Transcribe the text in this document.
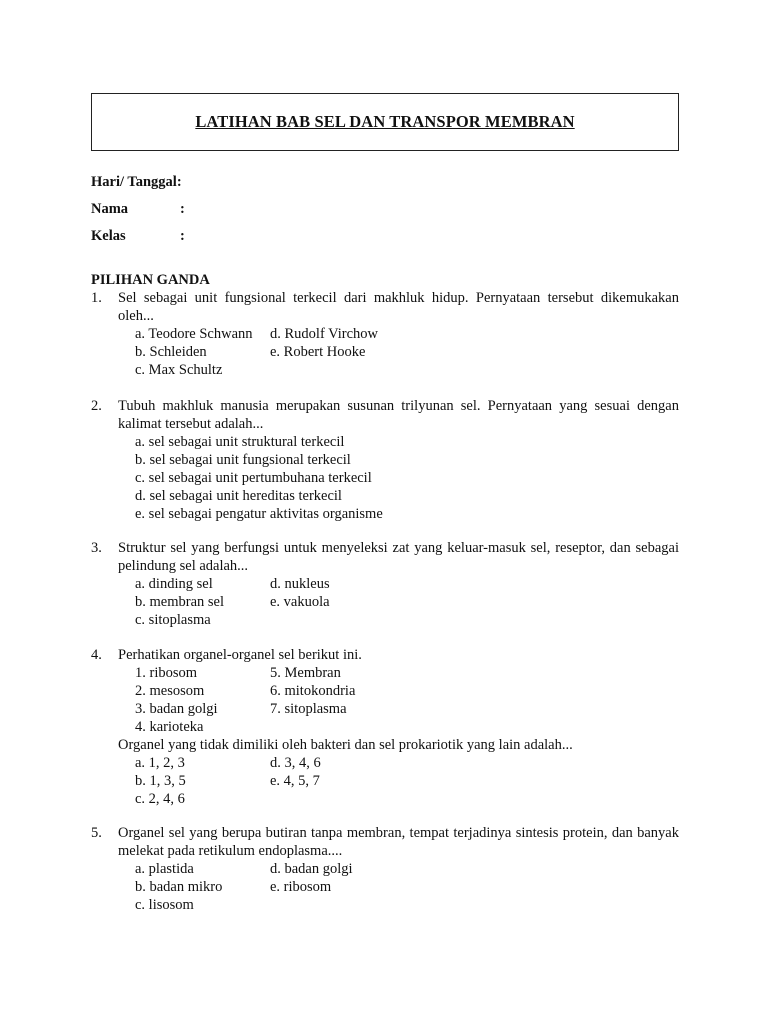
LATIHAN BAB SEL DAN TRANSPOR MEMBRAN
Hari/ Tanggal:
Nama	:
Kelas	:
PILIHAN GANDA
1. Sel sebagai unit fungsional terkecil dari makhluk hidup. Pernyataan tersebut dikemukakan oleh...
a. Teodore Schwann	d. Rudolf Virchow
b. Schleiden	e. Robert Hooke
c. Max Schultz
2. Tubuh makhluk manusia merupakan susunan trilyunan sel. Pernyataan yang sesuai dengan kalimat tersebut adalah...
a. sel sebagai unit struktural terkecil
b. sel sebagai unit fungsional terkecil
c. sel sebagai unit pertumbuhana terkecil
d. sel sebagai unit hereditas terkecil
e. sel sebagai pengatur aktivitas organisme
3. Struktur sel yang berfungsi untuk menyeleksi zat yang keluar-masuk sel, reseptor, dan sebagai pelindung sel adalah...
a. dinding sel	d. nukleus
b. membran sel	e. vakuola
c. sitoplasma
4. Perhatikan organel-organel sel berikut ini.
1. ribosom	5. Membran
2. mesosom	6. mitokondria
3. badan golgi	7. sitoplasma
4. karioteka
Organel yang tidak dimiliki oleh bakteri dan sel prokariotik yang lain adalah...
a. 1, 2, 3	d. 3, 4, 6
b. 1, 3, 5	e. 4, 5, 7
c. 2, 4, 6
5. Organel sel yang berupa butiran tanpa membran, tempat terjadinya sintesis protein, dan banyak melekat pada retikulum endoplasma....
a. plastida	d. badan golgi
b. badan mikro	e. ribosom
c. lisosom
